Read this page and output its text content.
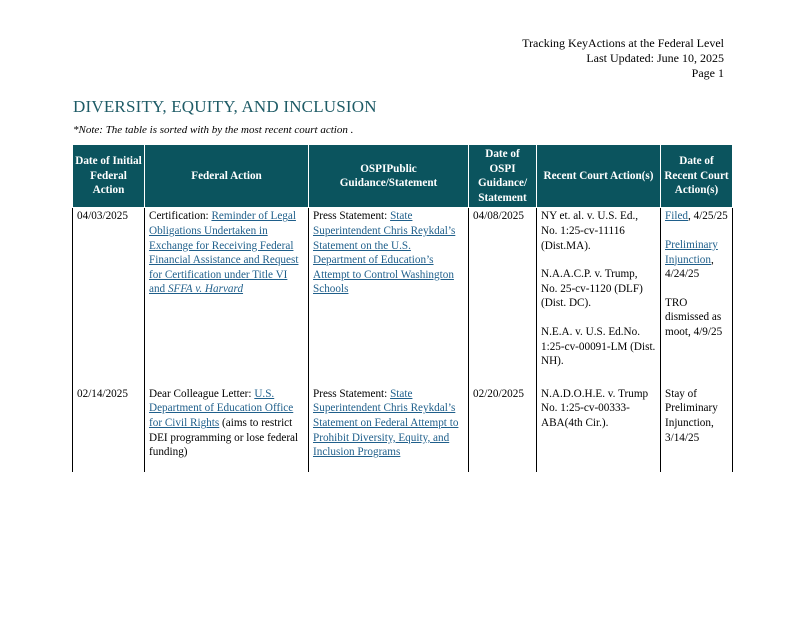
Tracking KeyActions at the Federal Level
Last Updated: June 10, 2025
Page 1
DIVERSITY, EQUITY, AND INCLUSION
*Note: The table is sorted with by the most recent court action .
Date of Initial Federal Action	Federal Action	OSPIPublic Guidance/Statement	Date of OSPI Guidance/ Statement	Recent Court Action(s)	Date of Recent Court Action(s)
04/03/2025	Certification: Reminder of Legal Obligations Undertaken in Exchange for Receiving Federal Financial Assistance and Request for Certification under Title VI and SFFA v. Harvard	Press Statement: State Superintendent Chris Reykdal’s Statement on the U.S. Department of Education’s Attempt to Control Washington Schools	04/08/2025	NY et. al. v. U.S. Ed., No. 1:25-cv-11116 (Dist.MA).
N.A.A.C.P. v. Trump, No. 25-cv-1120 (DLF) (Dist. DC).
N.E.A. v. U.S. Ed.No. 1:25-cv-00091-LM (Dist. NH).	Filed, 4/25/25
Preliminary Injunction, 4/24/25
TRO dismissed as moot, 4/9/25

02/14/2025	Dear Colleague Letter: U.S. Department of Education Office for Civil Rights (aims to restrict DEI programming or lose federal funding)	Press Statement: State Superintendent Chris Reykdal’s Statement on Federal Attempt to Prohibit Diversity, Equity, and Inclusion Programs	02/20/2025	N.A.D.O.H.E. v. Trump No. 1:25-cv-00333-ABA(4th Cir.).	Stay of Preliminary Injunction, 3/14/25
